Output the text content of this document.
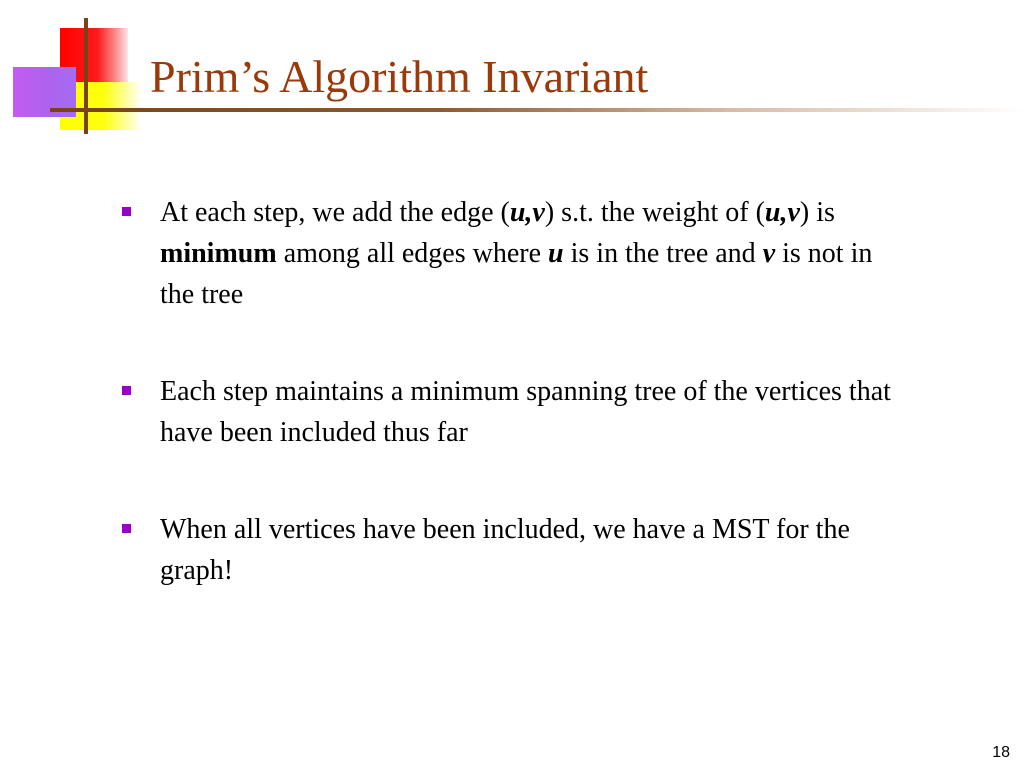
Prim’s Algorithm Invariant
At each step, we add the edge (u,v) s.t. the weight of (u,v) is minimum among all edges where u is in the tree and v is not in the tree
Each step maintains a minimum spanning tree of the vertices that have been included thus far
When all vertices have been included, we have a MST for the graph!
18
